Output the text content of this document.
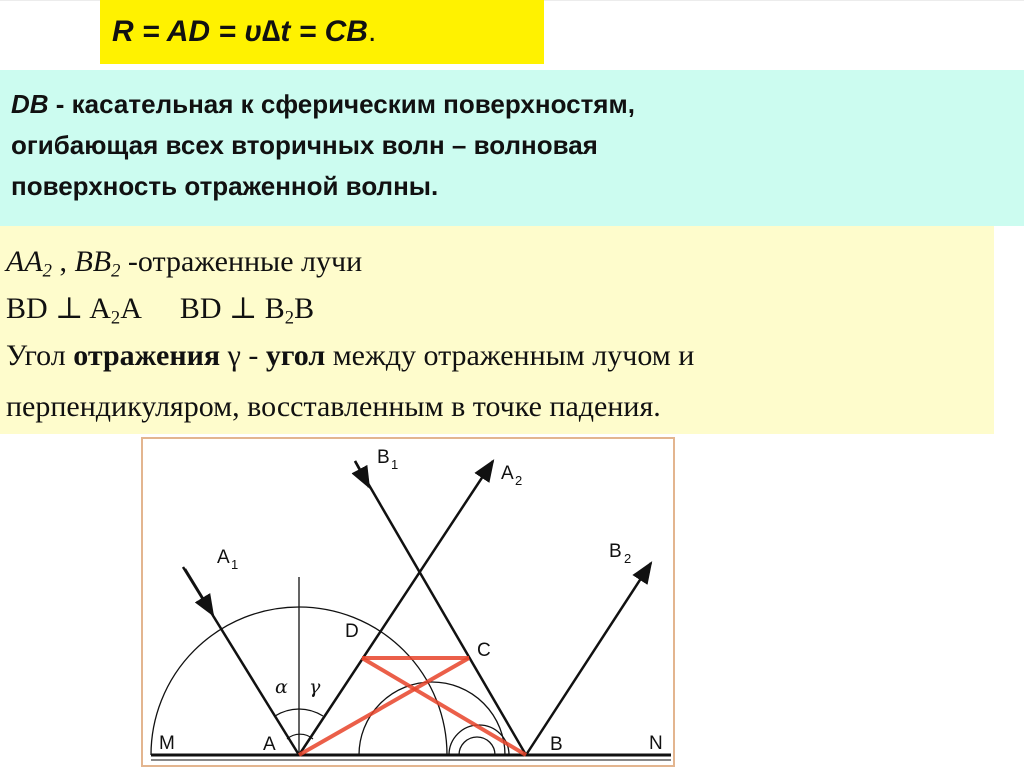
R = AD = υ∆t = CB.
DB - касательная к сферическим поверхностям,
огибающая всех вторичных волн – волновая
поверхность отраженной волны.
$AA_2$ , $BB_2$ -отраженные лучи
BD ⊥ $A_2A$ BD ⊥ $B_2B$
Угол отражения γ - угол между отраженным лучом и
перпендикуляром, восставленным в точке падения.
A 1
B 1	A 2
B 2
D
C
M	A	B	N
α γ
